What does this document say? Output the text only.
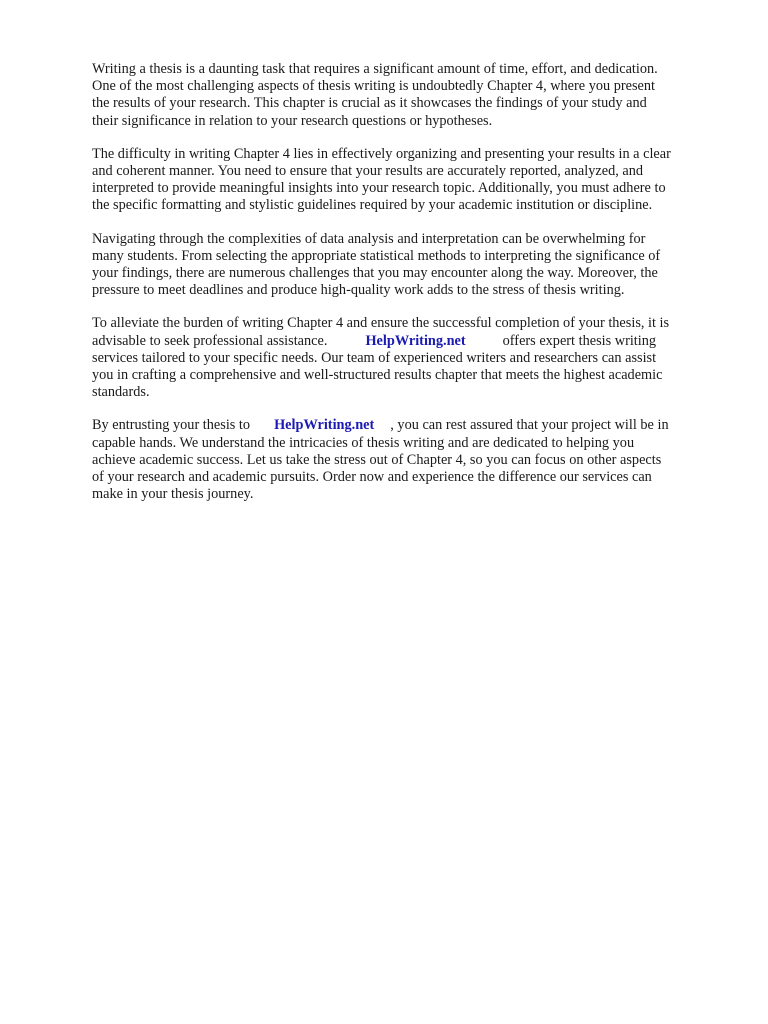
Writing a thesis is a daunting task that requires a significant amount of time, effort, and dedication.
One of the most challenging aspects of thesis writing is undoubtedly Chapter 4, where you present
the results of your research. This chapter is crucial as it showcases the findings of your study and
their significance in relation to your research questions or hypotheses.

The difficulty in writing Chapter 4 lies in effectively organizing and presenting your results in a clear
and coherent manner. You need to ensure that your results are accurately reported, analyzed, and
interpreted to provide meaningful insights into your research topic. Additionally, you must adhere to
the specific formatting and stylistic guidelines required by your academic institution or discipline.

Navigating through the complexities of data analysis and interpretation can be overwhelming for
many students. From selecting the appropriate statistical methods to interpreting the significance of
your findings, there are numerous challenges that you may encounter along the way. Moreover, the
pressure to meet deadlines and produce high-quality work adds to the stress of thesis writing.

To alleviate the burden of writing Chapter 4 and ensure the successful completion of your thesis, it is
advisable to seek professional assistance.	HelpWriting.net	offers expert thesis writing
services tailored to your specific needs. Our team of experienced writers and researchers can assist
you in crafting a comprehensive and well-structured results chapter that meets the highest academic
standards.

By entrusting your thesis to HelpWriting.net , you can rest assured that your project will be in
capable hands. We understand the intricacies of thesis writing and are dedicated to helping you
achieve academic success. Let us take the stress out of Chapter 4, so you can focus on other aspects
of your research and academic pursuits. Order now and experience the difference our services can
make in your thesis journey.
